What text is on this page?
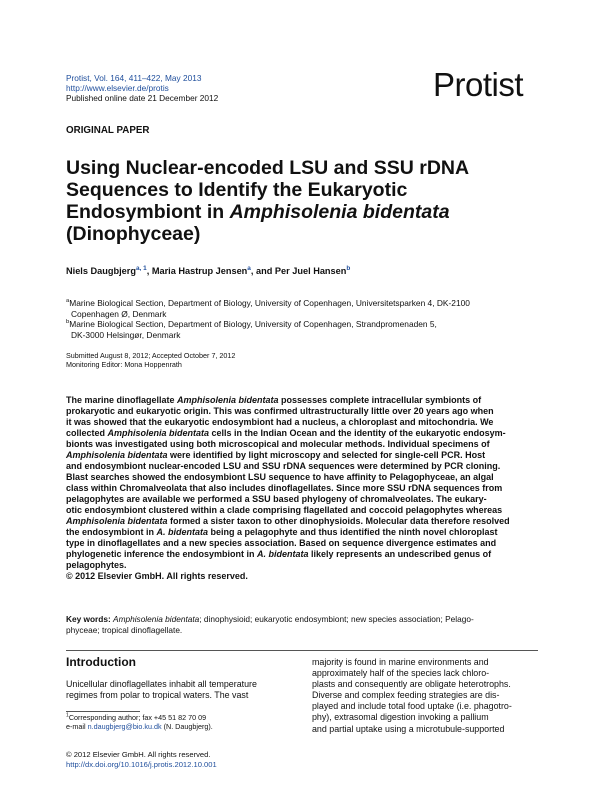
Protist, Vol. 164, 411–422, May 2013
http://www.elsevier.de/protis
Published online date 21 December 2012	Protist
ORIGINAL PAPER
Using Nuclear-encoded LSU and SSU rDNA
Sequences to Identify the Eukaryotic
Endosymbiont in Amphisolenia bidentata
(Dinophyceae)
Niels Daugbjerg$^{a, 1}$, Maria Hastrup Jensen$^a$, and Per Juel Hansen$^b$
$^a$Marine Biological Section, Department of Biology, University of Copenhagen, Universitetsparken 4, DK-2100
Copenhagen Ø, Denmark
$^b$Marine Biological Section, Department of Biology, University of Copenhagen, Strandpromenaden 5,
DK-3000 Helsingør, Denmark
Submitted August 8, 2012; Accepted October 7, 2012
Monitoring Editor: Mona Hoppenrath
The marine dinoflagellate Amphisolenia bidentata possesses complete intracellular symbionts of
prokaryotic and eukaryotic origin. This was confirmed ultrastructurally little over 20 years ago when
it was showed that the eukaryotic endosymbiont had a nucleus, a chloroplast and mitochondria. We
collected Amphisolenia bidentata cells in the Indian Ocean and the identity of the eukaryotic endosym-
bionts was investigated using both microscopical and molecular methods. Individual specimens of
Amphisolenia bidentata were identified by light microscopy and selected for single-cell PCR. Host
and endosymbiont nuclear-encoded LSU and SSU rDNA sequences were determined by PCR cloning.
Blast searches showed the endosymbiont LSU sequence to have affinity to Pelagophyceae, an algal
class within Chromalveolata that also includes dinoflagellates. Since more SSU rDNA sequences from
pelagophytes are available we performed a SSU based phylogeny of chromalveolates. The eukary-
otic endosymbiont clustered within a clade comprising flagellated and coccoid pelagophytes whereas
Amphisolenia bidentata formed a sister taxon to other dinophysioids. Molecular data therefore resolved
the endosymbiont in A. bidentata being a pelagophyte and thus identified the ninth novel chloroplast
type in dinoflagellates and a new species association. Based on sequence divergence estimates and
phylogenetic inference the endosymbiont in A. bidentata likely represents an undescribed genus of
pelagophytes.
© 2012 Elsevier GmbH. All rights reserved.
Key words: Amphisolenia bidentata; dinophysioid; eukaryotic endosymbiont; new species association; Pelago-
phyceae; tropical dinoflagellate.
Introduction
Unicellular dinoflagellates inhabit all temperature
regimes from polar to tropical waters. The vast
majority is found in marine environments and
approximately half of the species lack chloro-
plasts and consequently are obligate heterotrophs.
Diverse and complex feeding strategies are dis-
played and include total food uptake (i.e. phagotro-
phy), extrasomal digestion invoking a pallium
and partial uptake using a microtubule-supported
$^1$Corresponding author; fax +45 51 82 70 09
e-mail n.daugbjerg@bio.ku.dk (N. Daugbjerg).
© 2012 Elsevier GmbH. All rights reserved.
http://dx.doi.org/10.1016/j.protis.2012.10.001
